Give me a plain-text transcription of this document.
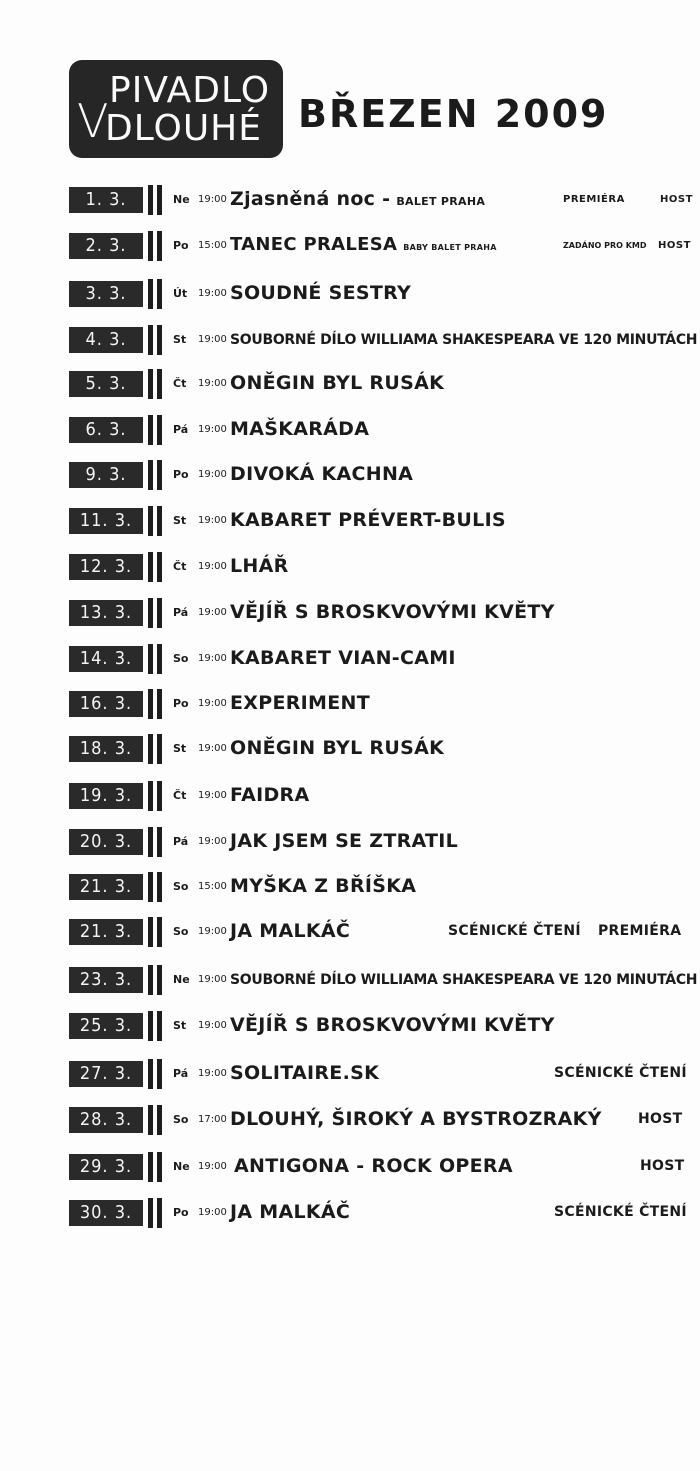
V
PIVADLO
DLOUHÉ BŘEZEN 2009
1. 3.	Ne 19:00 Zjasněná noc - BALET PRAHA	PREMIÉRA	HOST
2. 3.	Po 15:00 TANEC PRALESA BABY BALET PRAHA	ZADÁNO PRO KMD HOST
3. 3.	Út 19:00 SOUDNÉ SESTRY
4. 3.	St 19:00 SOUBORNÉ DÍLO WILLIAMA SHAKESPEARA VE 120 MINUTÁCH
5. 3.	Čt 19:00 ONĚGIN BYL RUSÁK
6. 3.	Pá 19:00 MAŠKARÁDA
9. 3.	Po 19:00 DIVOKÁ KACHNA
11. 3.	St 19:00 KABARET PRÉVERT-BULIS
12. 3.	Čt 19:00 LHÁŘ
13. 3.	Pá 19:00 VĚJÍŘ S BROSKVOVÝMI KVĚTY
14. 3.	So 19:00 KABARET VIAN-CAMI
16. 3.	Po 19:00 EXPERIMENT
18. 3.	St 19:00 ONĚGIN BYL RUSÁK
19. 3.	Čt 19:00 FAIDRA
20. 3.	Pá 19:00 JAK JSEM SE ZTRATIL
21. 3.	So 15:00 MYŠKA Z BŘÍŠKA
21. 3.	So 19:00 JA MALKÁČ	SCÉNICKÉ ČTENÍ PREMIÉRA
23. 3.	Ne 19:00 SOUBORNÉ DÍLO WILLIAMA SHAKESPEARA VE 120 MINUTÁCH
25. 3.	St 19:00 VĚJÍŘ S BROSKVOVÝMI KVĚTY
27. 3.	Pá 19:00 SOLITAIRE.SK	SCÉNICKÉ ČTENÍ
28. 3.	So 17:00 DLOUHÝ, ŠIROKÝ A BYSTROZRAKÝ	HOST
29. 3.	Ne 19:00 ANTIGONA - ROCK OPERA	HOST
30. 3.	Po 19:00 JA MALKÁČ	SCÉNICKÉ ČTENÍ
